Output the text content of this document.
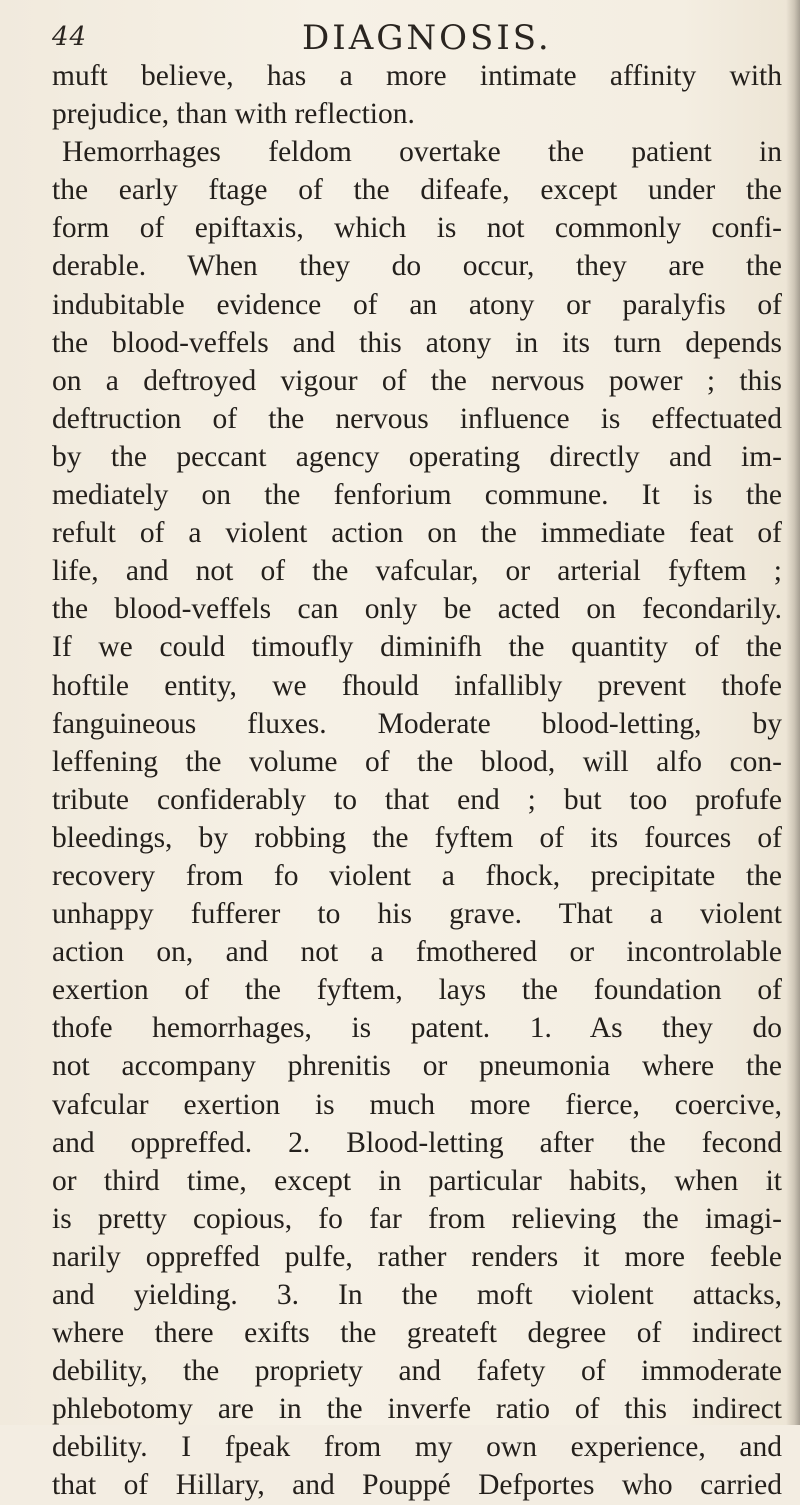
44	DIAGNOSIS.
muft believe, has a more intimate affinity with
prejudice, than with reflection.
Hemorrhages feldom overtake the patient in
the early ftage of the difeafe, except under the
form of epiftaxis, which is not commonly confi-
derable. When they do occur, they are the
indubitable evidence of an atony or paralyfis of
the blood-veffels and this atony in its turn depends
on a deftroyed vigour of the nervous power ; this
deftruction of the nervous influence is effectuated
by the peccant agency operating directly and im-
mediately on the fenforium commune. It is the
refult of a violent action on the immediate feat of
life, and not of the vafcular, or arterial fyftem ;
the blood-veffels can only be acted on fecondarily.
If we could timoufly diminifh the quantity of the
hoftile entity, we fhould infallibly prevent thofe
fanguineous fluxes. Moderate blood-letting, by
leffening the volume of the blood, will alfo con-
tribute confiderably to that end ; but too profufe
bleedings, by robbing the fyftem of its fources of
recovery from fo violent a fhock, precipitate the
unhappy fufferer to his grave. That a violent
action on, and not a fmothered or incontrolable
exertion of the fyftem, lays the foundation of
thofe hemorrhages, is patent. 1. As they do
not accompany phrenitis or pneumonia where the
vafcular exertion is much more fierce, coercive,
and oppreffed. 2. Blood-letting after the fecond
or third time, except in particular habits, when it
is pretty copious, fo far from relieving the imagi-
narily oppreffed pulfe, rather renders it more feeble
and yielding. 3. In the moft violent attacks,
where there exifts the greateft degree of indirect
debility, the propriety and fafety of immoderate
phlebotomy are in the inverfe ratio of this indirect
debility. I fpeak from my own experience, and
that of Hillary, and Pouppé Defportes who carried
